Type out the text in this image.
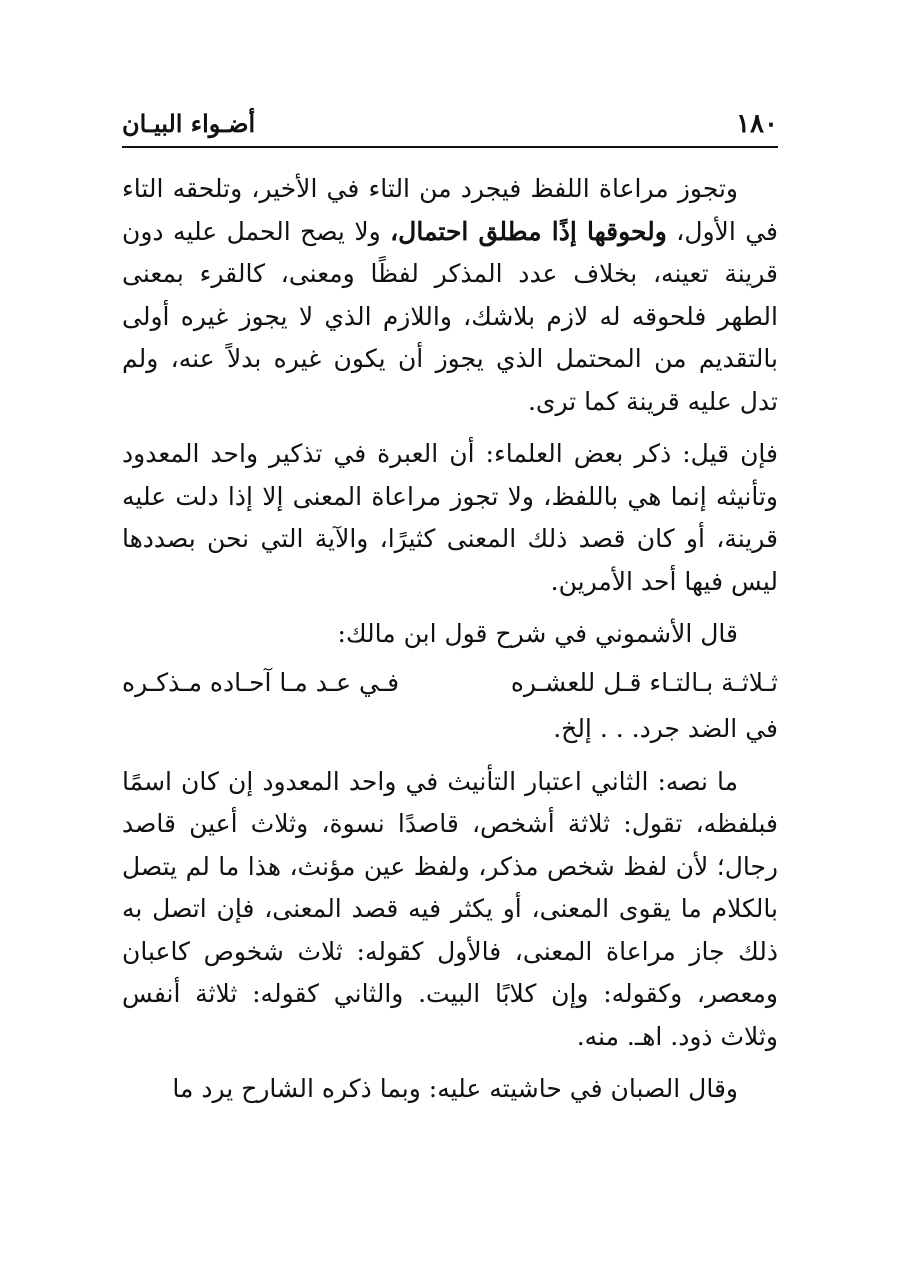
١٨٠
أضـواء البيـان

وتجوز مراعاة اللفظ فيجرد من التاء في الأخير، وتلحقه التاء في الأول، ولحوقها إذًا مطلق احتمال، ولا يصح الحمل عليه دون قرينة تعينه، بخلاف عدد المذكر لفظًا ومعنى، كالقرء بمعنى الطهر فلحوقه له لازم بلاشك، واللازم الذي لا يجوز غيره أولى بالتقديم من المحتمل الذي يجوز أن يكون غيره بدلاً عنه، ولم تدل عليه قرينة كما ترى.

فإن قيل: ذكر بعض العلماء: أن العبرة في تذكير واحد المعدود وتأنيثه إنما هي باللفظ، ولا تجوز مراعاة المعنى إلا إذا دلت عليه قرينة، أو كان قصد ذلك المعنى كثيرًا، والآية التي نحن بصددها ليس فيها أحد الأمرين.

قال الأشموني في شرح قول ابن مالك:

ثـلاثـة بـالتـاء قـل للعشـره
فـي عـد مـا آحـاده مـذكـره

في الضد جرد. . . إلخ.

ما نصه: الثاني اعتبار التأنيث في واحد المعدود إن كان اسمًا فبلفظه، تقول: ثلاثة أشخص، قاصدًا نسوة، وثلاث أعين قاصد رجال؛ لأن لفظ شخص مذكر، ولفظ عين مؤنث، هذا ما لم يتصل بالكلام ما يقوى المعنى، أو يكثر فيه قصد المعنى، فإن اتصل به ذلك جاز مراعاة المعنى، فالأول كقوله: ثلاث شخوص كاعبان ومعصر، وكقوله: وإن كلابًا البيت. والثاني كقوله: ثلاثة أنفس وثلاث ذود. اهـ. منه.

وقال الصبان في حاشيته عليه: وبما ذكره الشارح يرد ما
